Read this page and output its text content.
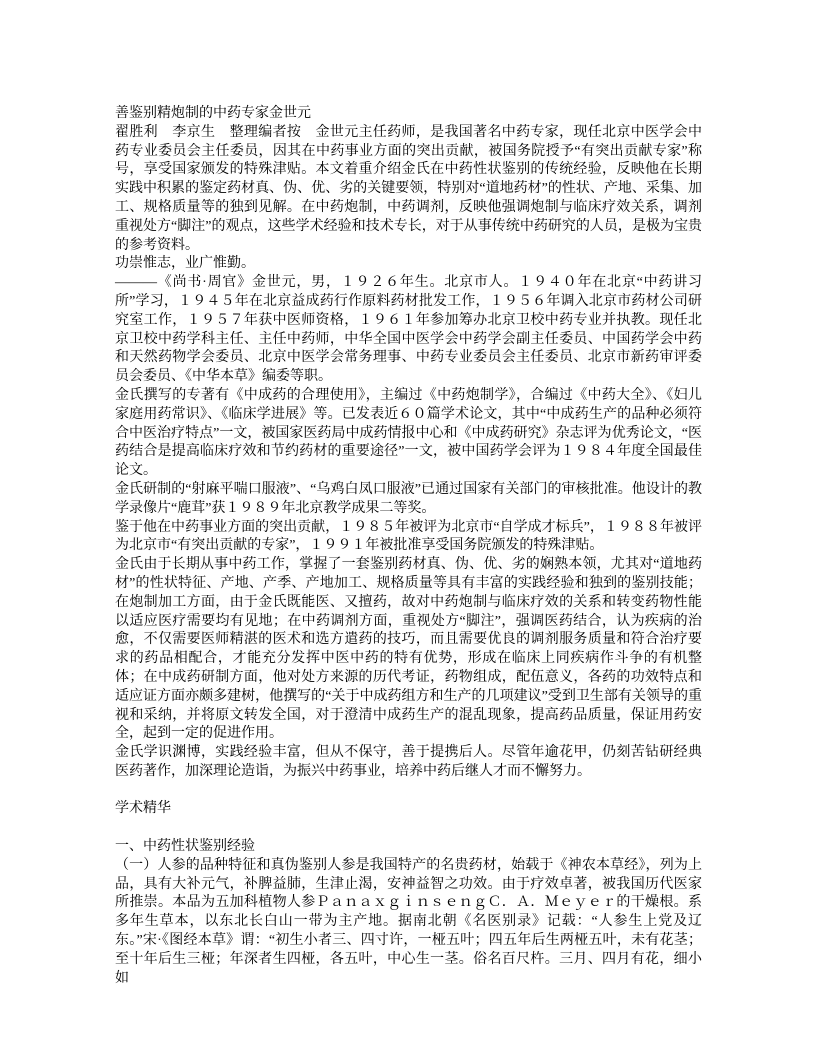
善鉴别精炮制的中药专家金世元

翟胜利　李京生　整理编者按　金世元主任药师，是我国著名中药专家，现任北京中医学会中药专业委员会主任委员，因其在中药事业方面的突出贡献，被国务院授予“有突出贡献专家”称号，享受国家颁发的特殊津贴。本文着重介绍金氏在中药性状鉴别的传统经验，反映他在长期实践中积累的鉴定药材真、伪、优、劣的关键要领，特别对“道地药材”的性状、产地、采集、加工、规格质量等的独到见解。在中药炮制，中药调剂，反映他强调炮制与临床疗效关系，调剂重视处方“脚注”的观点，这些学术经验和技术专长，对于从事传统中药研究的人员，是极为宝贵的参考资料。

功崇惟志，业广惟勤。

———《尚书·周官》金世元，男，１９２６年生。北京市人。１９４０年在北京“中药讲习所”学习，１９４５年在北京益成药行作原料药材批发工作，１９５６年调入北京市药材公司研究室工作，１９５７年获中医师资格，１９６１年参加筹办北京卫校中药专业并执教。现任北京卫校中药学科主任、主任中药师，中华全国中医学会中药学会副主任委员、中国药学会中药和天然药物学会委员、北京中医学会常务理事、中药专业委员会主任委员、北京市新药审评委员会委员、《中华本草》编委等职。

金氏撰写的专著有《中成药的合理使用》，主编过《中药炮制学》，合编过《中药大全》、《妇儿家庭用药常识》、《临床学进展》等。已发表近６０篇学术论文，其中“中成药生产的品种必须符合中医治疗特点”一文，被国家医药局中成药情报中心和《中成药研究》杂志评为优秀论文，“医药结合是提高临床疗效和节约药材的重要途径”一文，被中国药学会评为１９８４年度全国最佳论文。

金氏研制的“射麻平喘口服液”、“乌鸡白凤口服液”已通过国家有关部门的审核批准。他设计的教学录像片“鹿茸”获１９８９年北京教学成果二等奖。

鉴于他在中药事业方面的突出贡献，１９８５年被评为北京市“自学成才标兵”，１９８８年被评为北京市“有突出贡献的专家”，１９９１年被批准享受国务院颁发的特殊津贴。

金氏由于长期从事中药工作，掌握了一套鉴别药材真、伪、优、劣的娴熟本领，尤其对“道地药材”的性状特征、产地、产季、产地加工、规格质量等具有丰富的实践经验和独到的鉴别技能；在炮制加工方面，由于金氏既能医、又擅药，故对中药炮制与临床疗效的关系和转变药物性能以适应医疗需要均有见地；在中药调剂方面，重视处方“脚注”，强调医药结合，认为疾病的治愈，不仅需要医师精湛的医术和选方遣药的技巧，而且需要优良的调剂服务质量和符合治疗要求的药品相配合，才能充分发挥中医中药的特有优势，形成在临床上同疾病作斗争的有机整体；在中成药研制方面，他对处方来源的历代考证，药物组成，配伍意义，各药的功效特点和适应证方面亦颇多建树，他撰写的“关于中成药组方和生产的几项建议”受到卫生部有关领导的重视和采纳，并将原文转发全国，对于澄清中成药生产的混乱现象，提高药品质量，保证用药安全，起到一定的促进作用。

金氏学识渊博，实践经验丰富，但从不保守，善于提携后人。尽管年逾花甲，仍刻苦钻研经典医药著作，加深理论造诣，为振兴中药事业，培养中药后继人才而不懈努力。

学术精华

一、中药性状鉴别经验

（一）人参的品种特征和真伪鉴别人参是我国特产的名贵药材，始载于《神农本草经》，列为上品，具有大补元气，补脾益肺，生津止渴，安神益智之功效。由于疗效卓著，被我国历代医家所推崇。本品为五加科植物人参ＰａｎａｘｇｉｎｓｅｎｇＣ．Ａ．Ｍｅｙｅｒ的干燥根。系多年生草本，以东北长白山一带为主产地。据南北朝《名医别录》记载：“人参生上党及辽东。”宋·《图经本草》谓：“初生小者三、四寸许，一桠五叶；四五年后生两桠五叶，未有花茎；至十年后生三桠；年深者生四桠，各五叶，中心生一茎。俗名百尺杵。三月、四月有花，细小如
